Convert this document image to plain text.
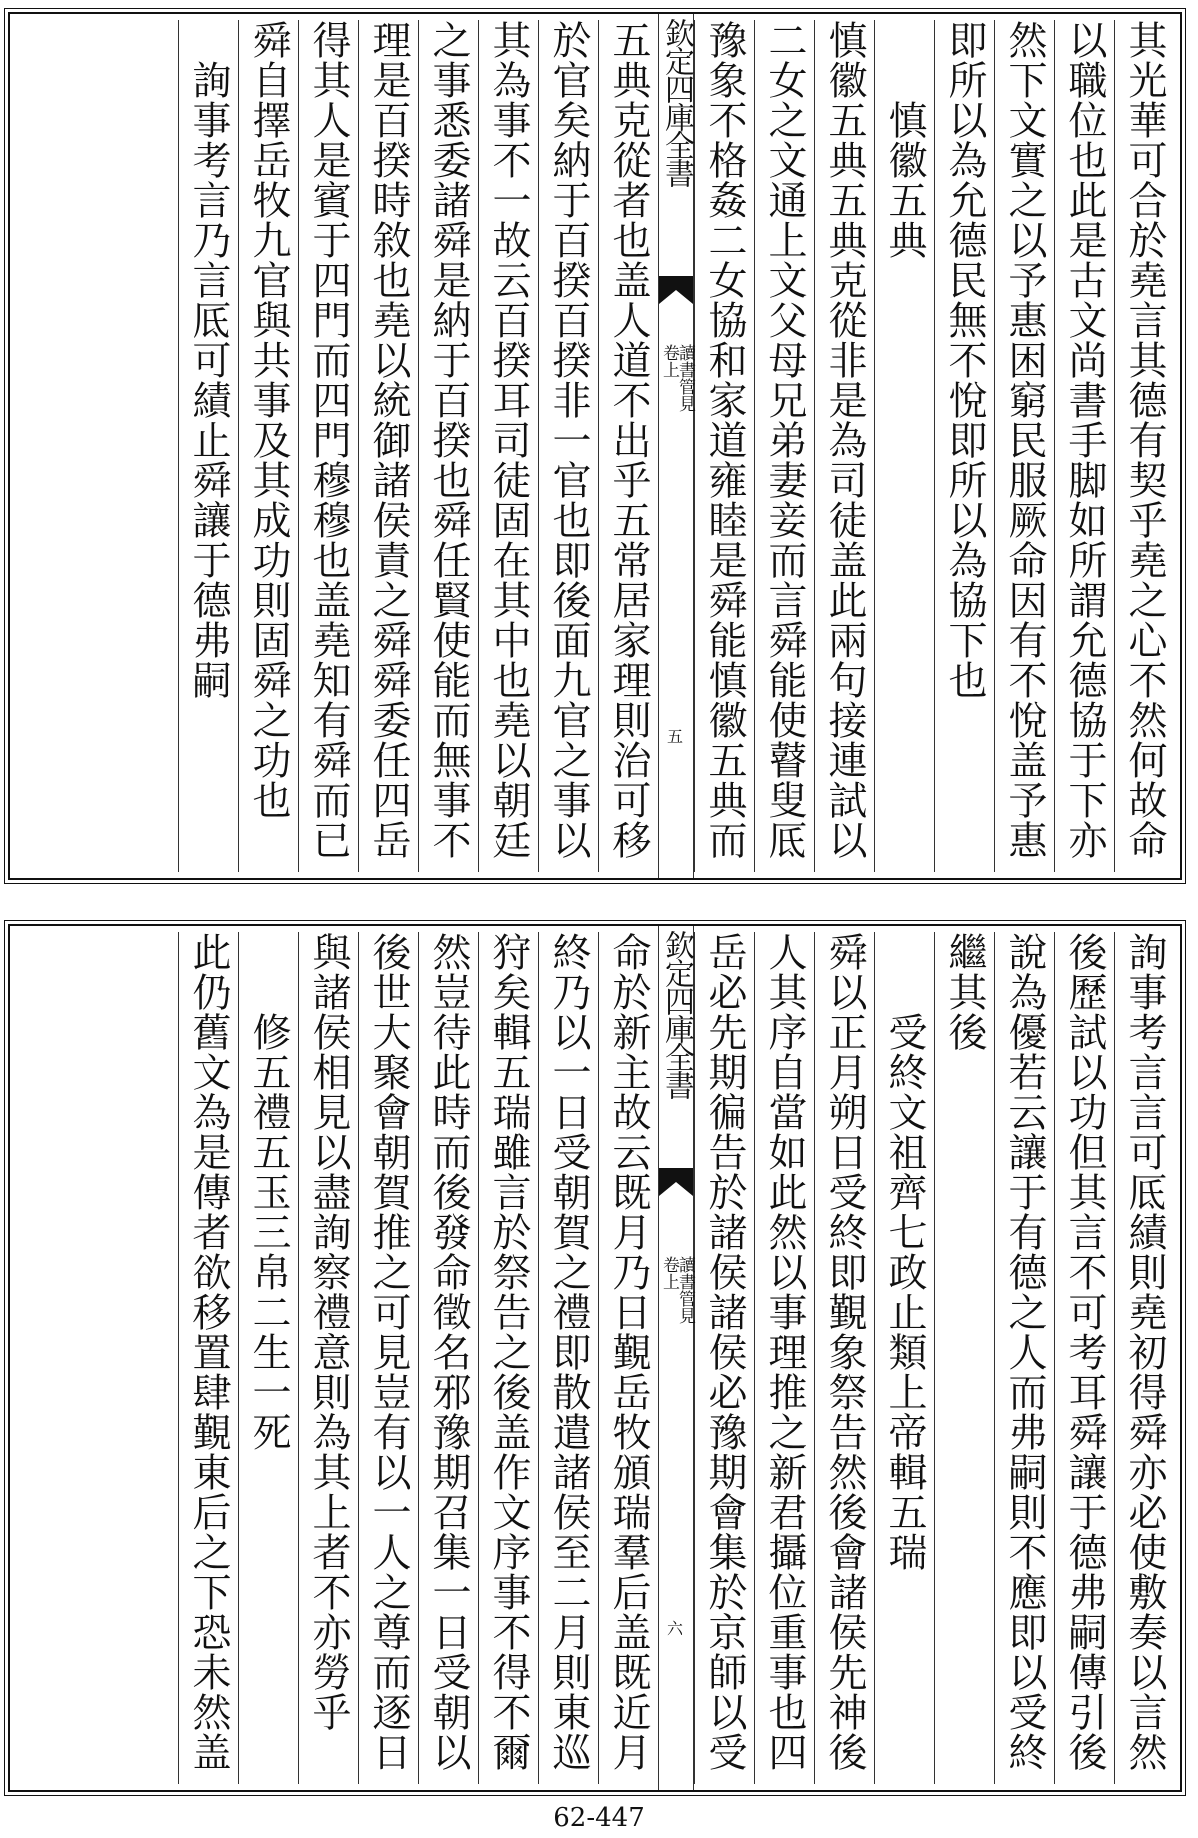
其光華可合於堯言其德有契乎堯之心不然何故命
以職位也此是古文尚書手脚如所謂允德協于下亦
然下文實之以予惠困窮民服厥命因有不悅盖予惠
即所以為允德民無不悅即所以為協下也
慎徽五典
慎徽五典五典克從非是為司徒盖此兩句接連試以
二女之文通上文父母兄弟妻妾而言舜能使瞽叟厎
豫象不格姦二女協和家道雍睦是舜能慎徽五典而
欽定四庫全書
讀書管見
卷上
五
五典克從者也盖人道不出乎五常居家理則治可移
於官矣納于百揆百揆非一官也即後面九官之事以
其為事不一故云百揆耳司徒固在其中也堯以朝廷
之事悉委諸舜是納于百揆也舜任賢使能而無事不
理是百揆時敘也堯以統御諸侯責之舜舜委任四岳
得其人是賓于四門而四門穆穆也盖堯知有舜而已
舜自擇岳牧九官與共事及其成功則固舜之功也
詢事考言乃言厎可績止舜讓于德弗嗣
詢事考言言可厎績則堯初得舜亦必使敷奏以言然
後歷試以功但其言不可考耳舜讓于德弗嗣傳引後
說為優若云讓于有德之人而弗嗣則不應即以受終
繼其後
受終文祖齊七政止類上帝輯五瑞
舜以正月朔日受終即覲象祭告然後會諸侯先神後
人其序自當如此然以事理推之新君攝位重事也四
岳必先期徧告於諸侯諸侯必豫期會集於京師以受
欽定四庫全書
讀書管見
卷上
六
命於新主故云既月乃日覲岳牧頒瑞羣后盖既近月
終乃以一日受朝賀之禮即散遣諸侯至二月則東巡
狩矣輯五瑞雖言於祭告之後盖作文序事不得不爾
然豈待此時而後發命徵名邪豫期召集一日受朝以
後世大聚會朝賀推之可見豈有以一人之尊而逐日
與諸侯相見以盡詢察禮意則為其上者不亦勞乎
修五禮五玉三帛二生一死
此仍舊文為是傳者欲移置肆覲東后之下恐未然盖
62-447
